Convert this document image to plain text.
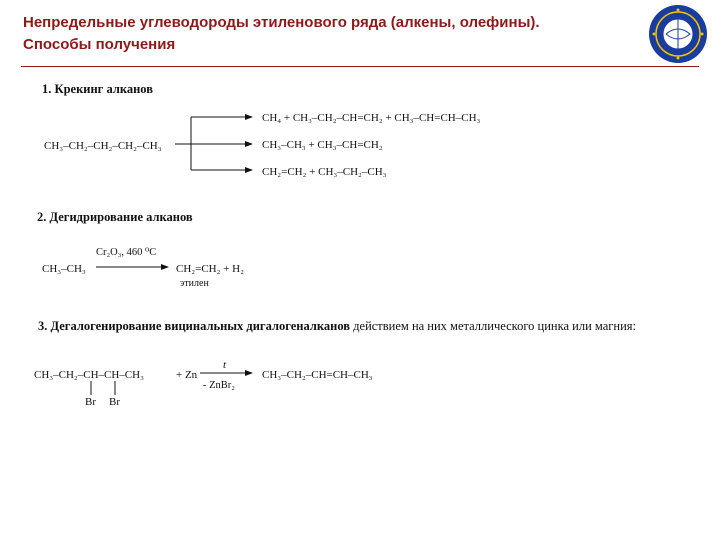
Непредельные углеводороды этиленового ряда (алкены, олефины).
Способы получения
1. Крекинг алканов
CH₃–CH₂–CH₂–CH₂–CH₃
CH₄ + CH₃–CH₂–CH=CH₂ + CH₃–CH=CH–CH₃
CH₃–CH₃ + CH₃–CH=CH₂
CH₂=CH₂ + CH₃–CH₂–CH₃
CH₃–CH₃
Cr₂O₃, 460 ⁰C
CH₂=CH₂ + H₂
этилен
CH₃–CH₂–CH–CH–CH₃	+ Zn
Br Br
t
- ZnBr₂
CH₃–CH₂–CH=CH–CH₃
2. Дегидрирование алканов
3. Дегалогенирование вицинальных дигалогеналканов действием на них металлического цинка или магния:
